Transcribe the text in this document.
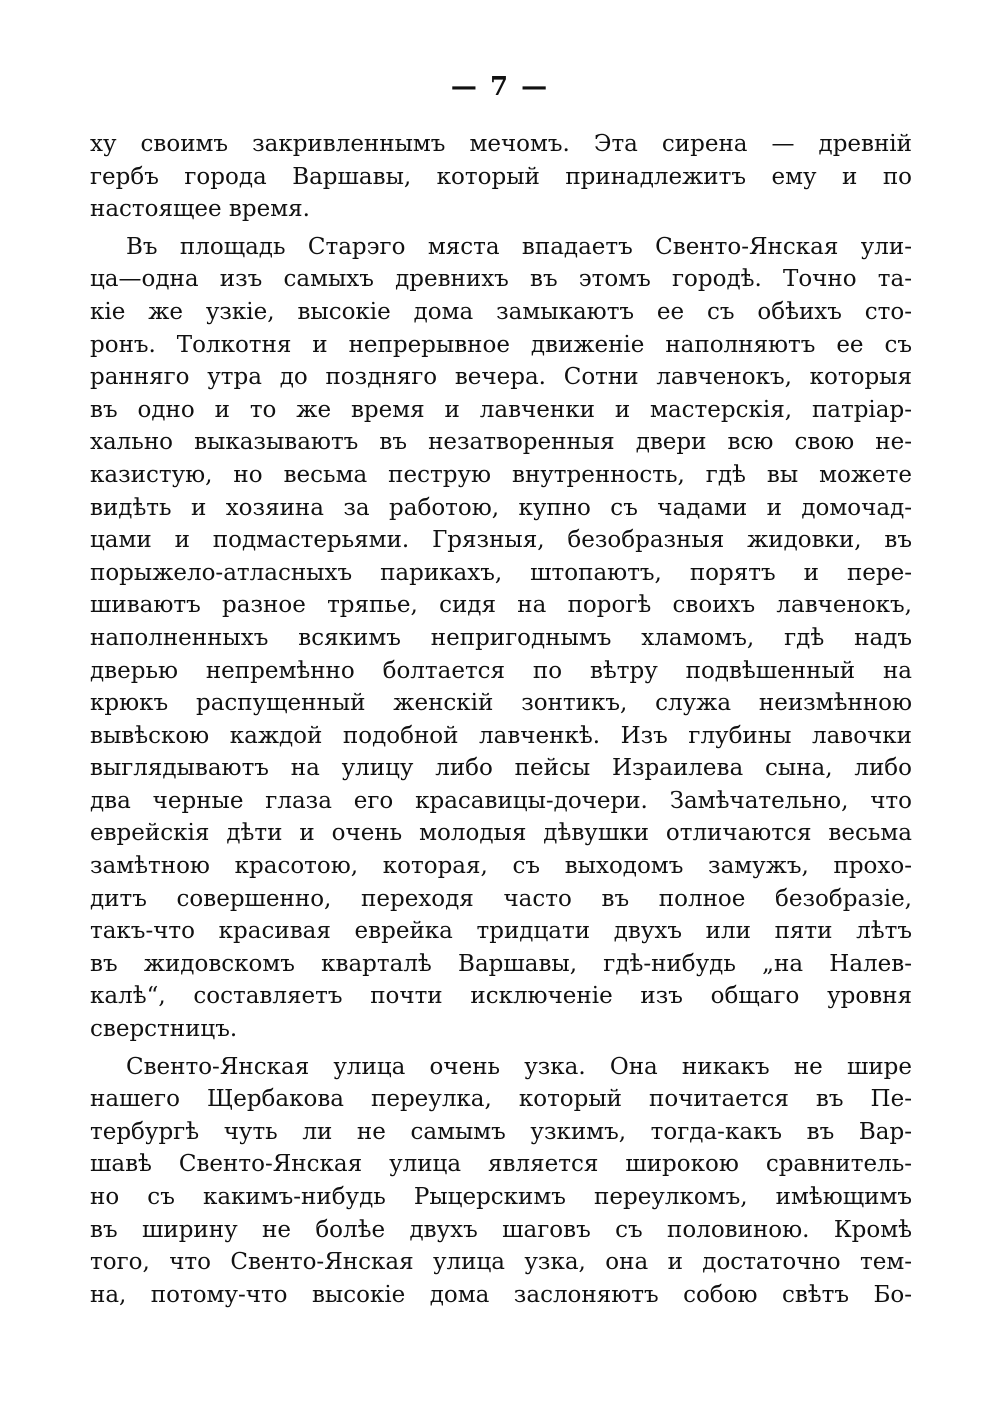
— 7 —
ху своимъ закривленнымъ мечомъ. Эта сирена — древній
гербъ города Варшавы, который принадлежитъ ему и по
настоящее время.
Въ площадь Старэго мяста впадаетъ Свенто-Янская ули-
ца—одна изъ самыхъ древнихъ въ этомъ городѣ. Точно та-
кіе же узкіе, высокіе дома замыкаютъ ее съ обѣихъ сто-
ронъ. Толкотня и непрерывное движеніе наполняютъ ее съ
ранняго утра до поздняго вечера. Сотни лавченокъ, которыя
въ одно и то же время и лавченки и мастерскія, патріар-
хально выказываютъ въ незатворенныя двери всю свою не-
казистую, но весьма пеструю внутренность, гдѣ вы можете
видѣть и хозяина за работою, купно съ чадами и домочад-
цами и подмастерьями. Грязныя, безобразныя жидовки, въ
порыжело-атласныхъ парикахъ, штопаютъ, порятъ и пере-
шиваютъ разное тряпье, сидя на порогѣ своихъ лавченокъ,
наполненныхъ всякимъ непригоднымъ хламомъ, гдѣ надъ
дверью непремѣнно болтается по вѣтру подвѣшенный на
крюкъ распущенный женскій зонтикъ, служа неизмѣнною
вывѣскою каждой подобной лавченкѣ. Изъ глубины лавочки
выглядываютъ на улицу либо пейсы Израилева сына, либо
два черные глаза его красавицы-дочери. Замѣчательно, что
еврейскія дѣти и очень молодыя дѣвушки отличаются весьма
замѣтною красотою, которая, съ выходомъ замужъ, прохо-
дитъ совершенно, переходя часто въ полное безобразіе,
такъ-что красивая еврейка тридцати двухъ или пяти лѣтъ
въ жидовскомъ кварталѣ Варшавы, гдѣ-нибудь „на Налев-
калѣ“, составляетъ почти исключеніе изъ общаго уровня
сверстницъ.
Свенто-Янская улица очень узка. Она никакъ не шире
нашего Щербакова переулка, который почитается въ Пе-
тербургѣ чуть ли не самымъ узкимъ, тогда-какъ въ Вар-
шавѣ Свенто-Янская улица является широкою сравнитель-
но съ какимъ-нибудь Рыцерскимъ переулкомъ, имѣющимъ
въ ширину не болѣе двухъ шаговъ съ половиною. Кромѣ
того, что Свенто-Янская улица узка, она и достаточно тем-
на, потому-что высокіе дома заслоняютъ собою свѣтъ Бо-
